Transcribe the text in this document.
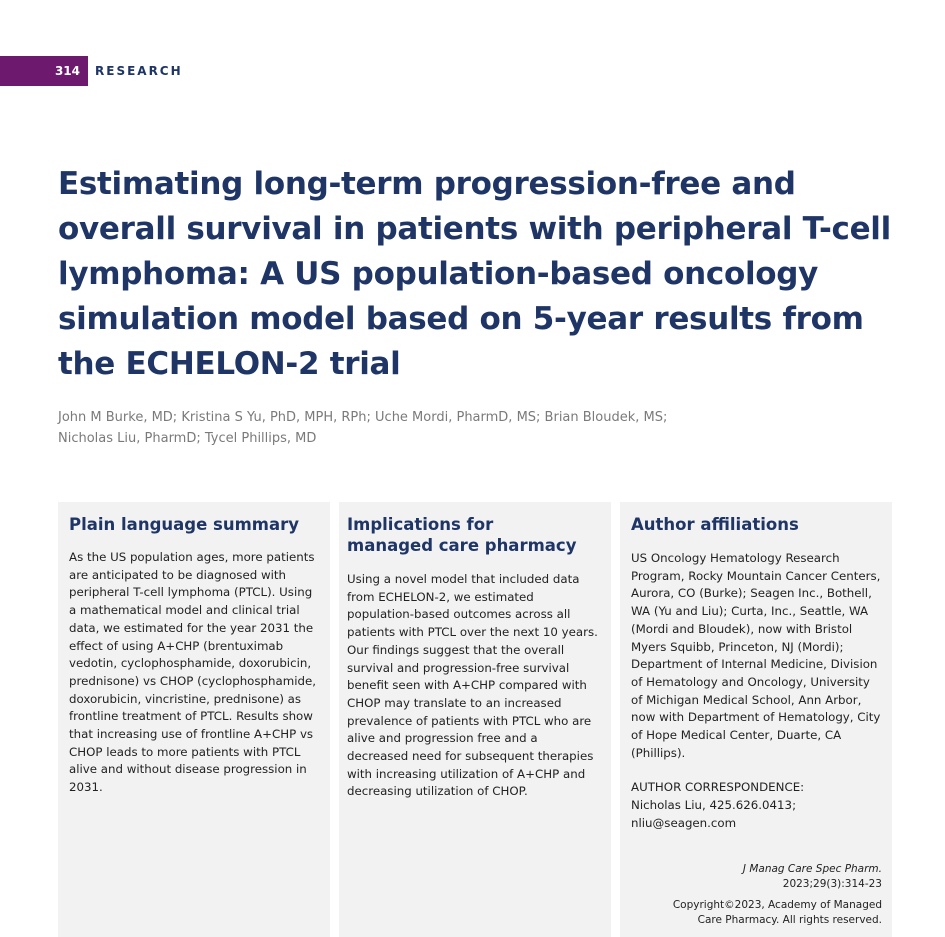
314	RESEARCH
Estimating long-term progression-free and overall survival in patients with peripheral T-cell lymphoma: A US population-based oncology simulation model based on 5-year results from the ECHELON-2 trial
John M Burke, MD; Kristina S Yu, PhD, MPH, RPh; Uche Mordi, PharmD, MS; Brian Bloudek, MS;
Nicholas Liu, PharmD; Tycel Phillips, MD
Plain language summary

As the US population ages, more patients are anticipated to be diagnosed with peripheral T-cell lymphoma (PTCL). Using a mathematical model and clinical trial data, we estimated for the year 2031 the effect of using A+CHP (brentuximab vedotin, cyclophosphamide, doxorubicin, prednisone) vs CHOP (cyclophosphamide, doxorubicin, vincristine, prednisone) as frontline treatment of PTCL. Results show that increasing use of frontline A+CHP vs CHOP leads to more patients with PTCL alive and without disease progression in 2031.

Implications for
managed care pharmacy

Using a novel model that included data from ECHELON-2, we estimated population-based outcomes across all patients with PTCL over the next 10 years. Our findings suggest that the overall survival and progression-free survival benefit seen with A+CHP compared with CHOP may translate to an increased prevalence of patients with PTCL who are alive and progression free and a decreased need for subsequent therapies with increasing utilization of A+CHP and decreasing utilization of CHOP.

Author affiliations

US Oncology Hematology Research Program, Rocky Mountain Cancer Centers, Aurora, CO (Burke); Seagen Inc., Bothell, WA (Yu and Liu); Curta, Inc., Seattle, WA (Mordi and Bloudek), now with Bristol Myers Squibb, Princeton, NJ (Mordi); Department of Internal Medicine, Division of Hematology and Oncology, University of Michigan Medical School, Ann Arbor, now with Department of Hematology, City of Hope Medical Center, Duarte, CA (Phillips).

AUTHOR CORRESPONDENCE:

Nicholas Liu, 425.626.0413;

nliu@seagen.com

J Manag Care Spec Pharm.
2023;29(3):314-23
Copyright©2023, Academy of Managed
Care Pharmacy. All rights reserved.
